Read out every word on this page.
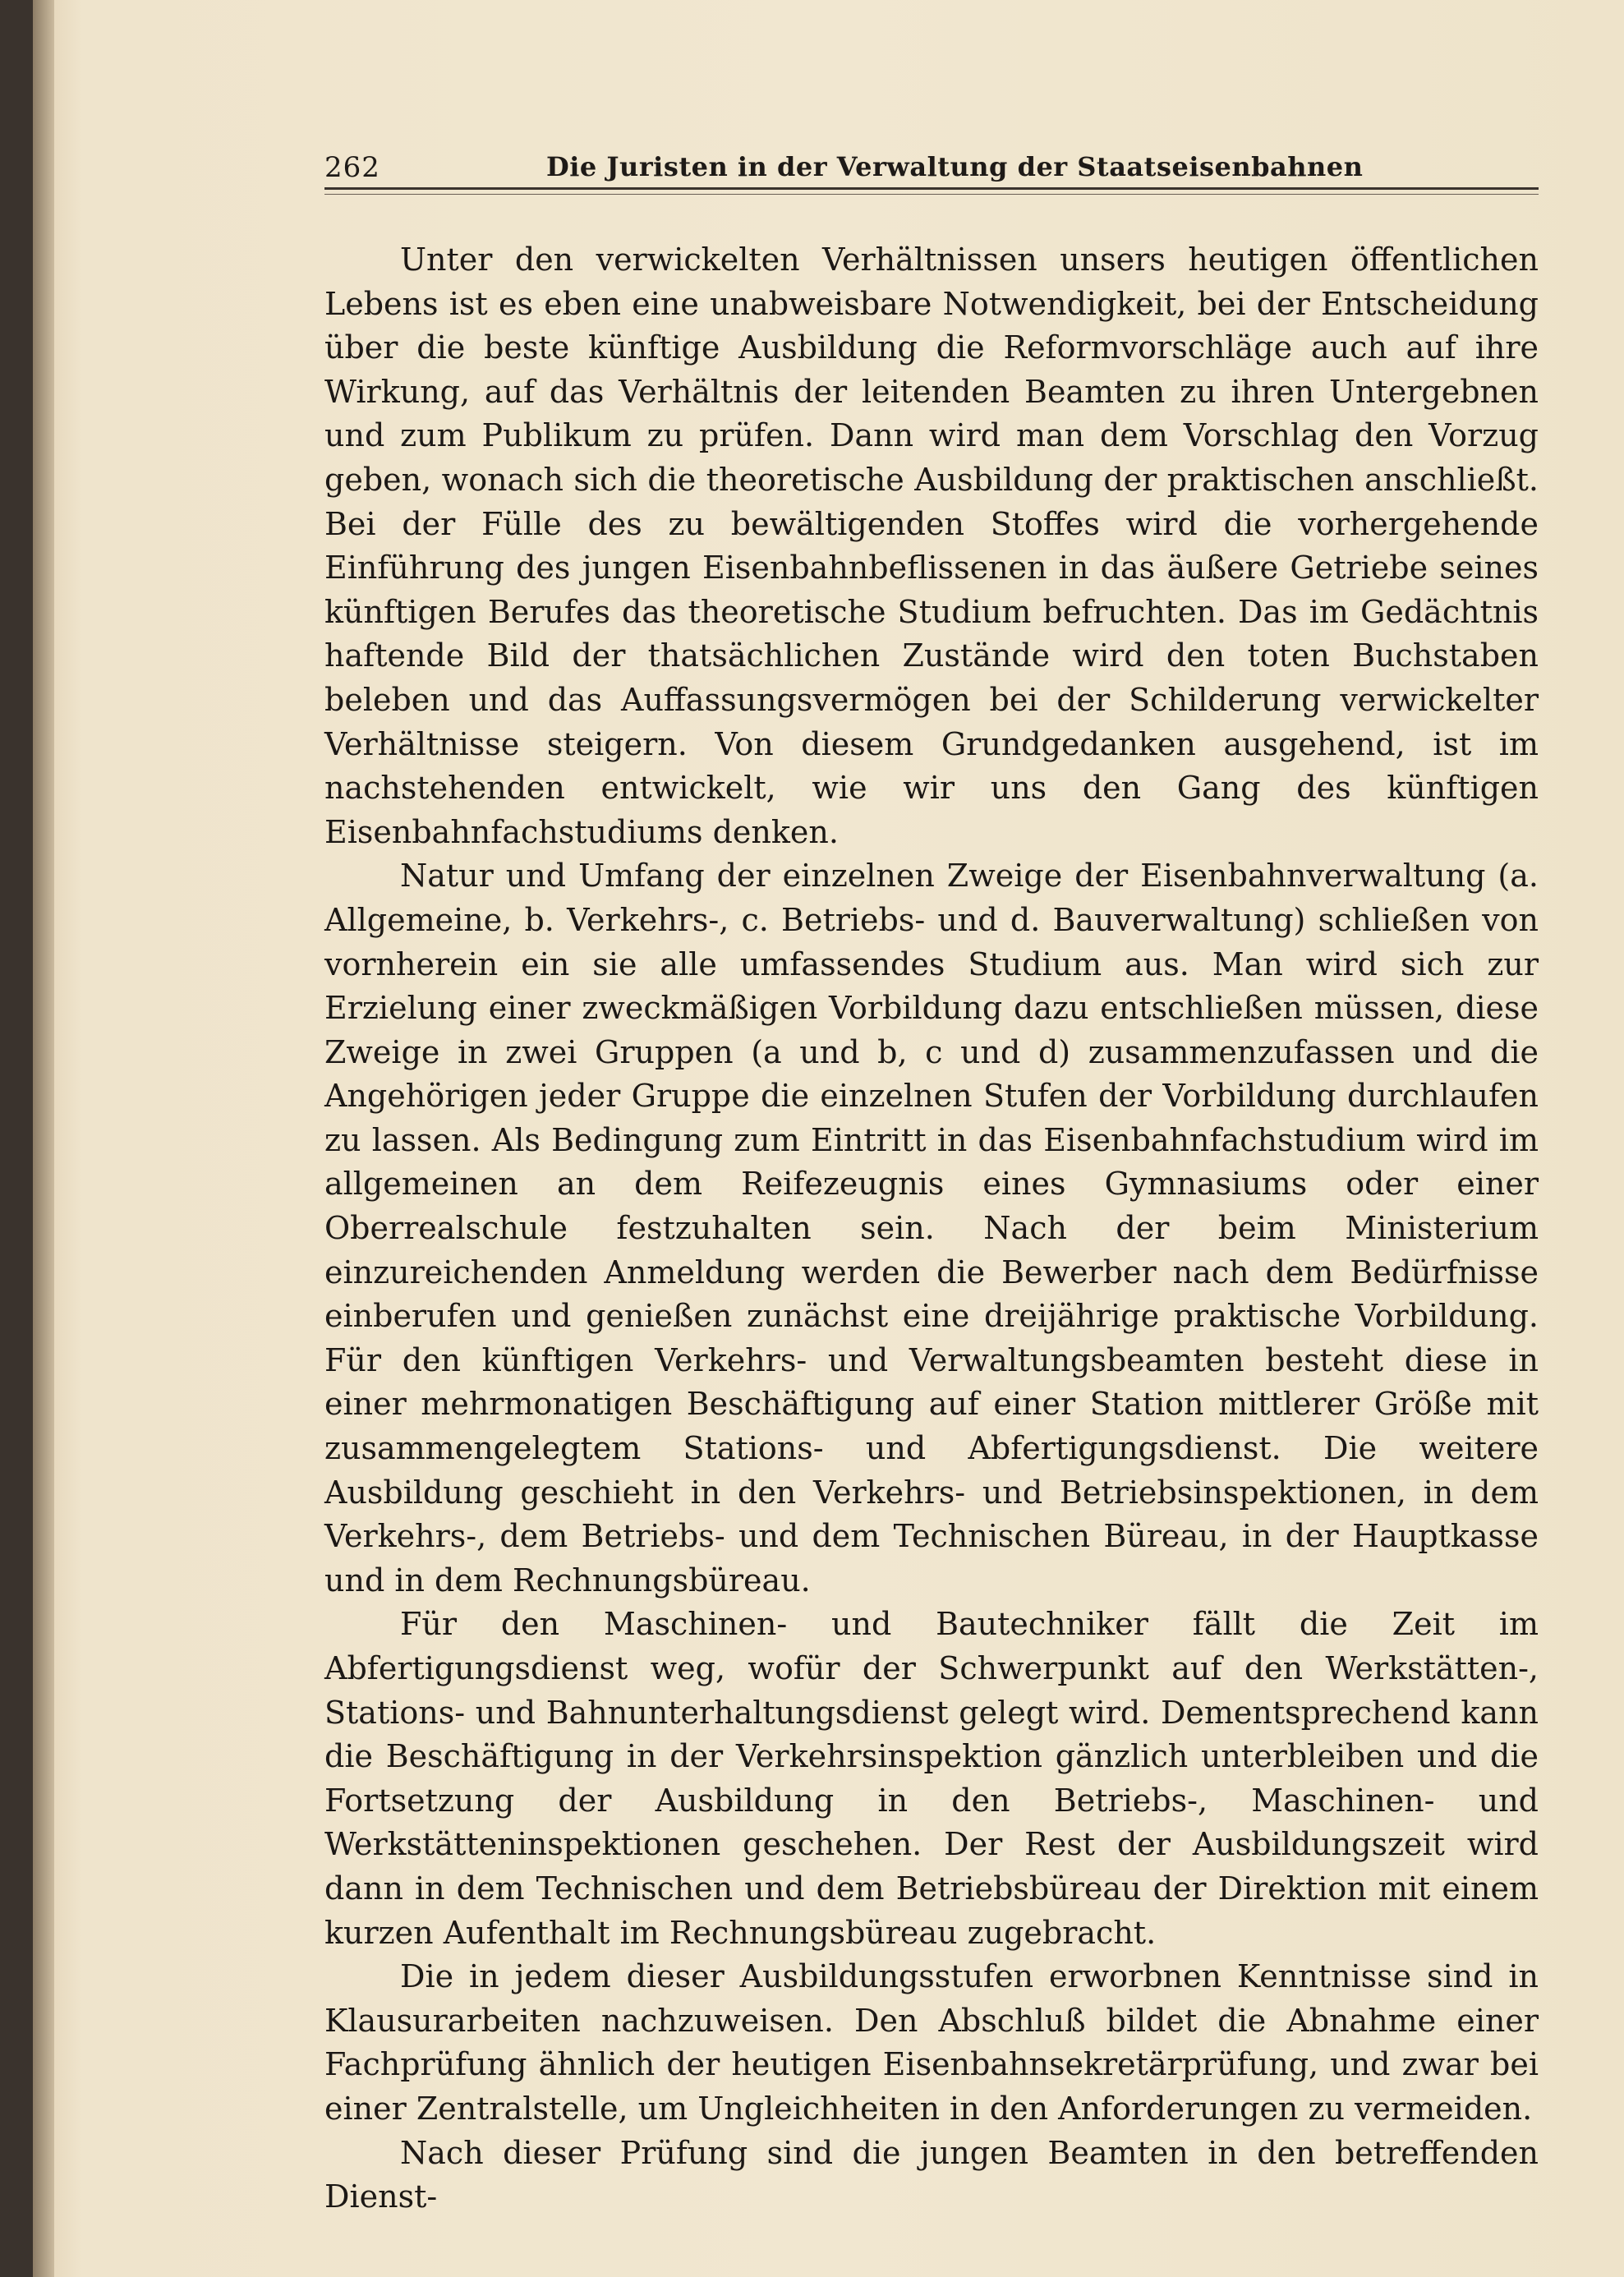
262	Die Juristen in der Verwaltung der Staatseisenbahnen

Unter den verwickelten Verhältnissen unsers heutigen öffentlichen Lebens ist es eben eine unabweisbare Notwendigkeit, bei der Entscheidung über die beste künftige Ausbildung die Reformvorschläge auch auf ihre Wirkung, auf das Verhältnis der leitenden Beamten zu ihren Untergebnen und zum Publikum zu prüfen. Dann wird man dem Vorschlag den Vorzug geben, wonach sich die theoretische Ausbildung der praktischen anschließt. Bei der Fülle des zu bewältigenden Stoffes wird die vorhergehende Einführung des jungen Eisenbahnbeflissenen in das äußere Getriebe seines künftigen Berufes das theoretische Studium befruchten. Das im Gedächtnis haftende Bild der thatsächlichen Zustände wird den toten Buchstaben beleben und das Auffassungsvermögen bei der Schilderung verwickelter Verhältnisse steigern. Von diesem Grundgedanken ausgehend, ist im nachstehenden entwickelt, wie wir uns den Gang des künftigen Eisenbahnfachstudiums denken.

Natur und Umfang der einzelnen Zweige der Eisenbahnverwaltung (a. Allgemeine, b. Verkehrs-, c. Betriebs- und d. Bauverwaltung) schließen von vornherein ein sie alle umfassendes Studium aus. Man wird sich zur Erzielung einer zweckmäßigen Vorbildung dazu entschließen müssen, diese Zweige in zwei Gruppen (a und b, c und d) zusammenzufassen und die Angehörigen jeder Gruppe die einzelnen Stufen der Vorbildung durchlaufen zu lassen. Als Bedingung zum Eintritt in das Eisenbahnfachstudium wird im allgemeinen an dem Reifezeugnis eines Gymnasiums oder einer Oberrealschule festzuhalten sein. Nach der beim Ministerium einzureichenden Anmeldung werden die Bewerber nach dem Bedürfnisse einberufen und genießen zunächst eine dreijährige praktische Vorbildung. Für den künftigen Verkehrs- und Verwaltungsbeamten besteht diese in einer mehrmonatigen Beschäftigung auf einer Station mittlerer Größe mit zusammengelegtem Stations- und Abfertigungsdienst. Die weitere Ausbildung geschieht in den Verkehrs- und Betriebsinspektionen, in dem Verkehrs-, dem Betriebs- und dem Technischen Büreau, in der Hauptkasse und in dem Rechnungsbüreau.

Für den Maschinen- und Bautechniker fällt die Zeit im Abfertigungsdienst weg, wofür der Schwerpunkt auf den Werkstätten-, Stations- und Bahnunterhaltungsdienst gelegt wird. Dementsprechend kann die Beschäftigung in der Verkehrsinspektion gänzlich unterbleiben und die Fortsetzung der Ausbildung in den Betriebs-, Maschinen- und Werkstätteninspektionen geschehen. Der Rest der Ausbildungszeit wird dann in dem Technischen und dem Betriebsbüreau der Direktion mit einem kurzen Aufenthalt im Rechnungsbüreau zugebracht.

Die in jedem dieser Ausbildungsstufen erworbnen Kenntnisse sind in Klausurarbeiten nachzuweisen. Den Abschluß bildet die Abnahme einer Fachprüfung ähnlich der heutigen Eisenbahnsekretärprüfung, und zwar bei einer Zentralstelle, um Ungleichheiten in den Anforderungen zu vermeiden.

Nach dieser Prüfung sind die jungen Beamten in den betreffenden Dienst-
